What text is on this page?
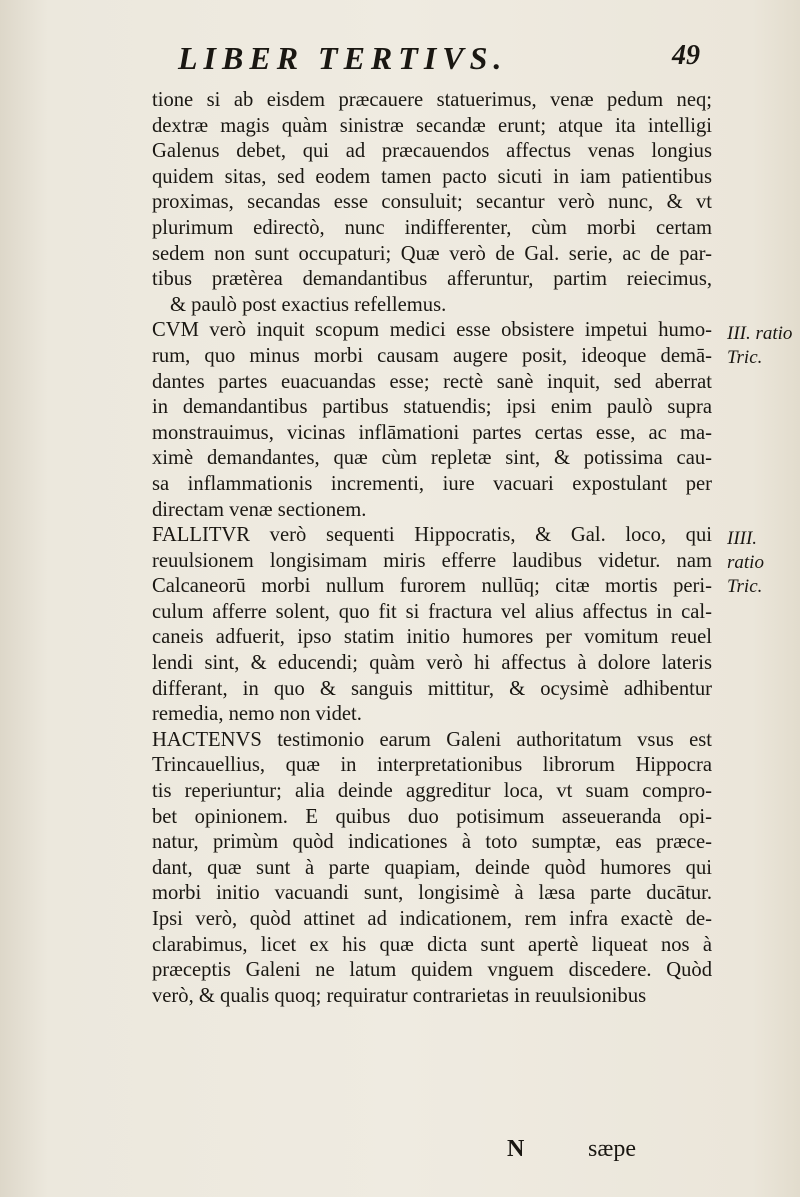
LIBER TERTIVS.	49
tione si ab eisdem præcauere statuerimus, venæ pedum neq;
dextræ magis quàm sinistræ secandæ erunt; atque ita intelligi
Galenus debet, qui ad præcauendos affectus venas longius
quidem sitas, sed eodem tamen pacto sicuti in iam patientibus
proximas, secandas esse consuluit; secantur verò nunc, & vt
plurimum edirectò, nunc indifferenter, cùm morbi certam
sedem non sunt occupaturi; Quæ verò de Gal. serie, ac de par-
tibus prætèrea demandantibus afferuntur, partim reiecimus,
& paulò post exactius refellemus.
CVM verò inquit scopum medici esse obsistere impetui humo-
rum, quo minus morbi causam augere posit, ideoque demā-
dantes partes euacuandas esse; rectè sanè inquit, sed aberrat
in demandantibus partibus statuendis; ipsi enim paulò supra
monstrauimus, vicinas inflāmationi partes certas esse, ac ma-
ximè demandantes, quæ cùm repletæ sint, & potissima cau-
sa inflammationis incrementi, iure vacuari expostulant per
directam venæ sectionem.
FALLITVR verò sequenti Hippocratis, & Gal. loco, qui
reuulsionem longisimam miris efferre laudibus videtur. nam
Calcaneorū morbi nullum furorem nullūq; citæ mortis peri-
culum afferre solent, quo fit si fractura vel alius affectus in cal-
caneis adfuerit, ipso statim initio humores per vomitum reuel
lendi sint, & educendi; quàm verò hi affectus à dolore lateris
differant, in quo & sanguis mittitur, & ocysimè adhibentur
remedia, nemo non videt.
HACTENVS testimonio earum Galeni authoritatum vsus est
Trincauellius, quæ in interpretationibus librorum Hippocra
tis reperiuntur; alia deinde aggreditur loca, vt suam compro-
bet opinionem. E quibus duo potisimum asseueranda opi-
natur, primùm quòd indicationes à toto sumptæ, eas præce-
dant, quæ sunt à parte quapiam, deinde quòd humores qui
morbi initio vacuandi sunt, longisimè à læsa parte ducātur.
Ipsi verò, quòd attinet ad indicationem, rem infra exactè de-
clarabimus, licet ex his quæ dicta sunt apertè liqueat nos à
præceptis Galeni ne latum quidem vnguem discedere. Quòd
verò, & qualis quoq; requiratur contrarietas in reuulsionibus
III. ratio Tric.
IIII. ratio Tric.
N	sæpe
